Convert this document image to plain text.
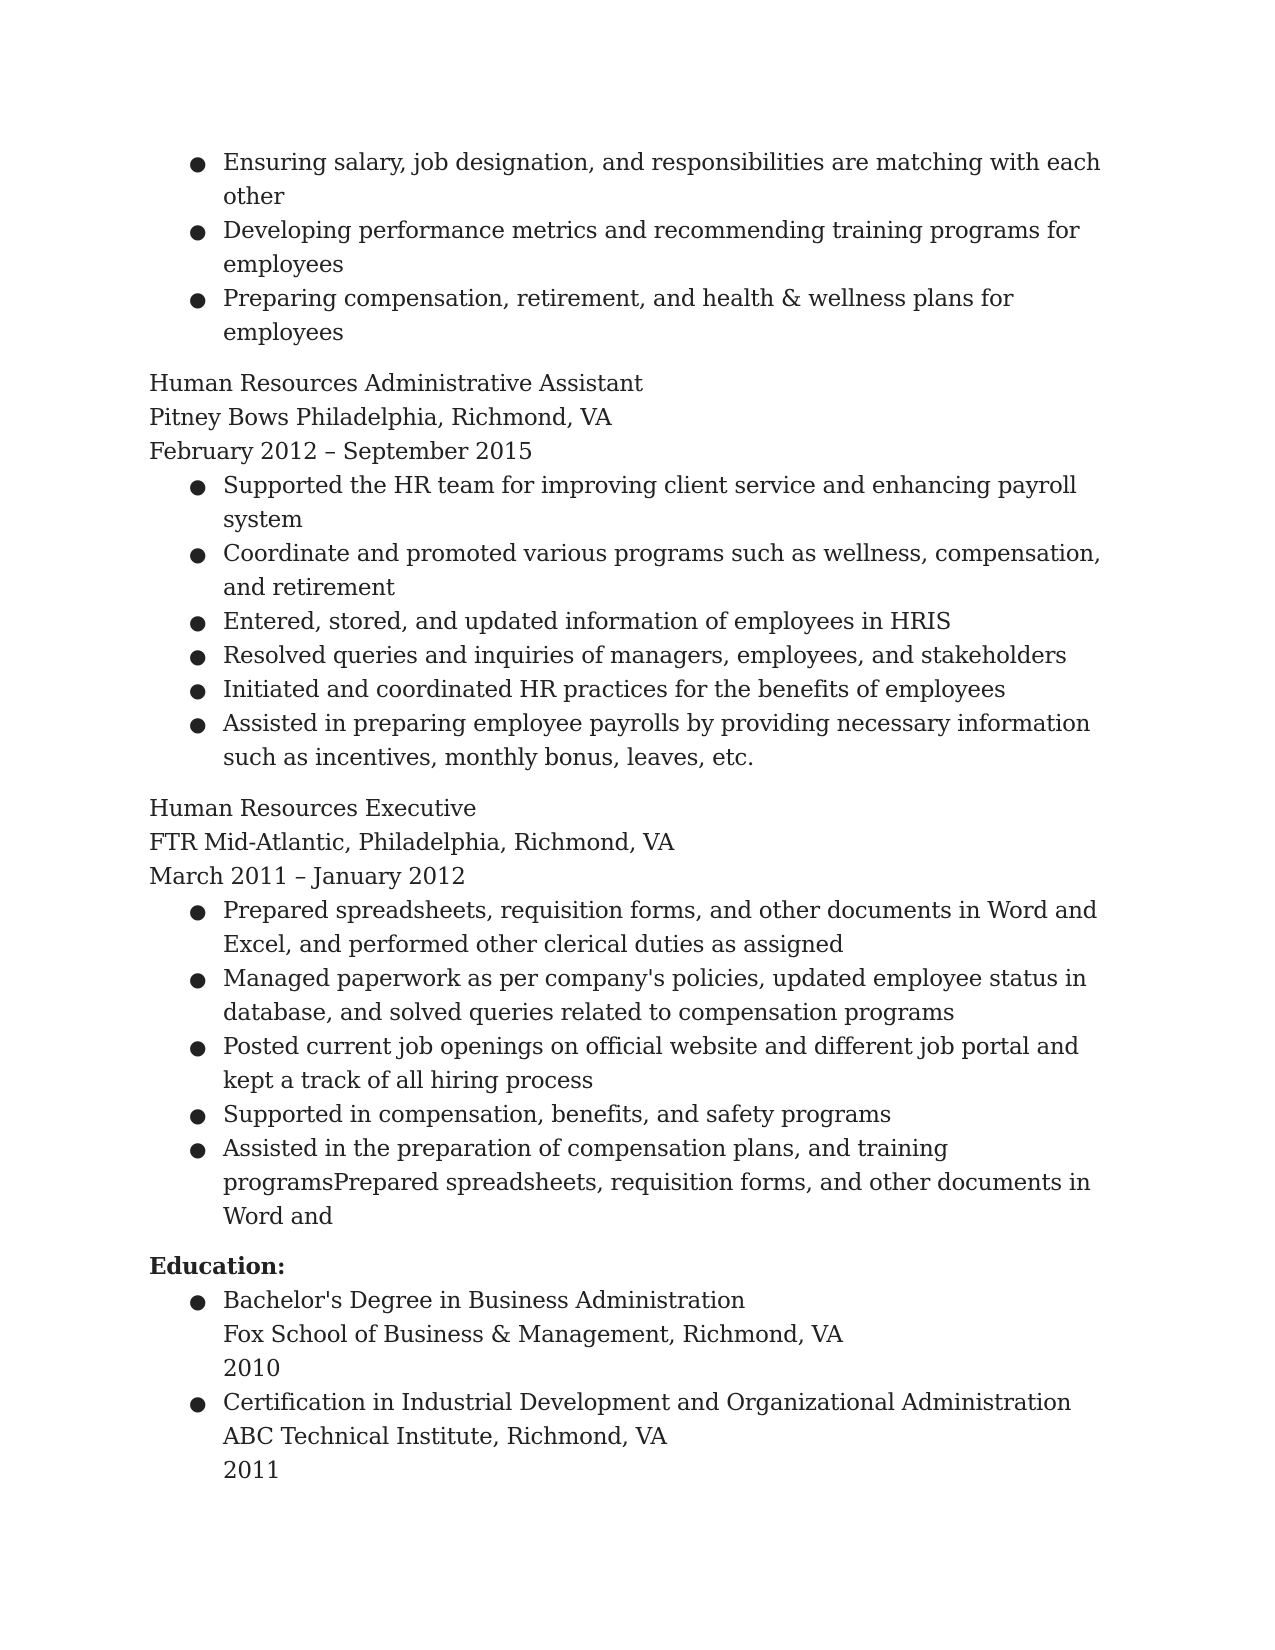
● Ensuring salary, job designation, and responsibilities are matching with each other
● Developing performance metrics and recommending training programs for employees
● Preparing compensation, retirement, and health & wellness plans for employees
Human Resources Administrative Assistant
Pitney Bows Philadelphia, Richmond, VA
February 2012 – September 2015
● Supported the HR team for improving client service and enhancing payroll system
● Coordinate and promoted various programs such as wellness, compensation, and retirement
● Entered, stored, and updated information of employees in HRIS
● Resolved queries and inquiries of managers, employees, and stakeholders
● Initiated and coordinated HR practices for the benefits of employees
● Assisted in preparing employee payrolls by providing necessary information such as incentives, monthly bonus, leaves, etc.
Human Resources Executive
FTR Mid-Atlantic, Philadelphia, Richmond, VA
March 2011 – January 2012
● Prepared spreadsheets, requisition forms, and other documents in Word and Excel, and performed other clerical duties as assigned
● Managed paperwork as per company's policies, updated employee status in database, and solved queries related to compensation programs
● Posted current job openings on official website and different job portal and kept a track of all hiring process
● Supported in compensation, benefits, and safety programs
● Assisted in the preparation of compensation plans, and training programsPrepared spreadsheets, requisition forms, and other documents in Word and
Education:
● Bachelor's Degree in Business Administration
Fox School of Business & Management, Richmond, VA
2010
● Certification in Industrial Development and Organizational Administration
ABC Technical Institute, Richmond, VA
2011
